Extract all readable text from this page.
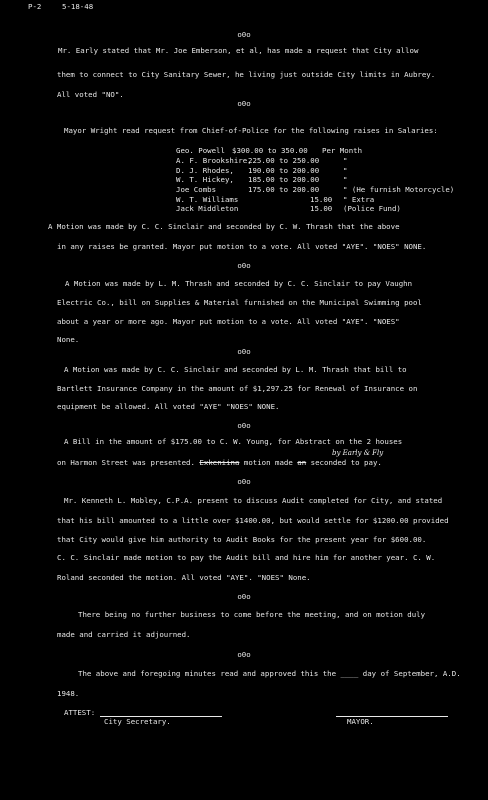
P-2	5-18-48
o0o
Mr. Early stated that Mr. Joe Emberson, et al, has made a request that City allow
them to connect to City Sanitary Sewer, he living just outside City limits in Aubrey.
All voted "NO".
o0o
Mayor Wright read request from Chief-of-Police for the following raises in Salaries:
Geo. Powell $300.00 to 350.00 Per Month
A. F. Brookshire,225.00 to 250.00	"
D. J. Rhodes, 190.00 to 200.00	"
W. T. Hickey, 185.00 to 200.00	"
Joe Combs	175.00 to 200.00	" (He furnish Motorcycle)
W. T. Williams	15.00 " Extra
Jack Middleton	15.00 (Police Fund)
A Motion was made by C. C. Sinclair and seconded by C. W. Thrash that the above
in any raises be granted. Mayor put motion to a vote. All voted "AYE". "NOES" NONE.
o0o
A Motion was made by L. M. Thrash and seconded by C. C. Sinclair to pay Vaughn
Electric Co., bill on Supplies & Material furnished on the Municipal Swimming pool
about a year or more ago. Mayor put motion to a vote. All voted "AYE". "NOES"
None.
o0o
A Motion was made by C. C. Sinclair and seconded by L. M. Thrash that bill to
Bartlett Insurance Company in the amount of $1,297.25 for Renewal of Insurance on
equipment be allowed. All voted "AYE" "NOES" NONE.
o0o
A Bill in the amount of $175.00 to C. W. Young, for Abstract on the 2 houses
by Early & Fly
on Harmon Street was presented. Exkeniina motion made an seconded to pay.
o0o
Mr. Kenneth L. Mobley, C.P.A. present to discuss Audit completed for City, and stated
that his bill amounted to a little over $1400.00, but would settle for $1200.00 provided
that City would give him authority to Audit Books for the present year for $600.00.
C. C. Sinclair made motion to pay the Audit bill and hire him for another year. C. W.
Roland seconded the motion. All voted "AYE". "NOES" None.
o0o
There being no further business to come before the meeting, and on motion duly
made and carried it adjourned.
o0o
The above and foregoing minutes read and approved this the ____ day of September, A.D.
1948.
ATTEST:
City Secretary.	MAYOR.
